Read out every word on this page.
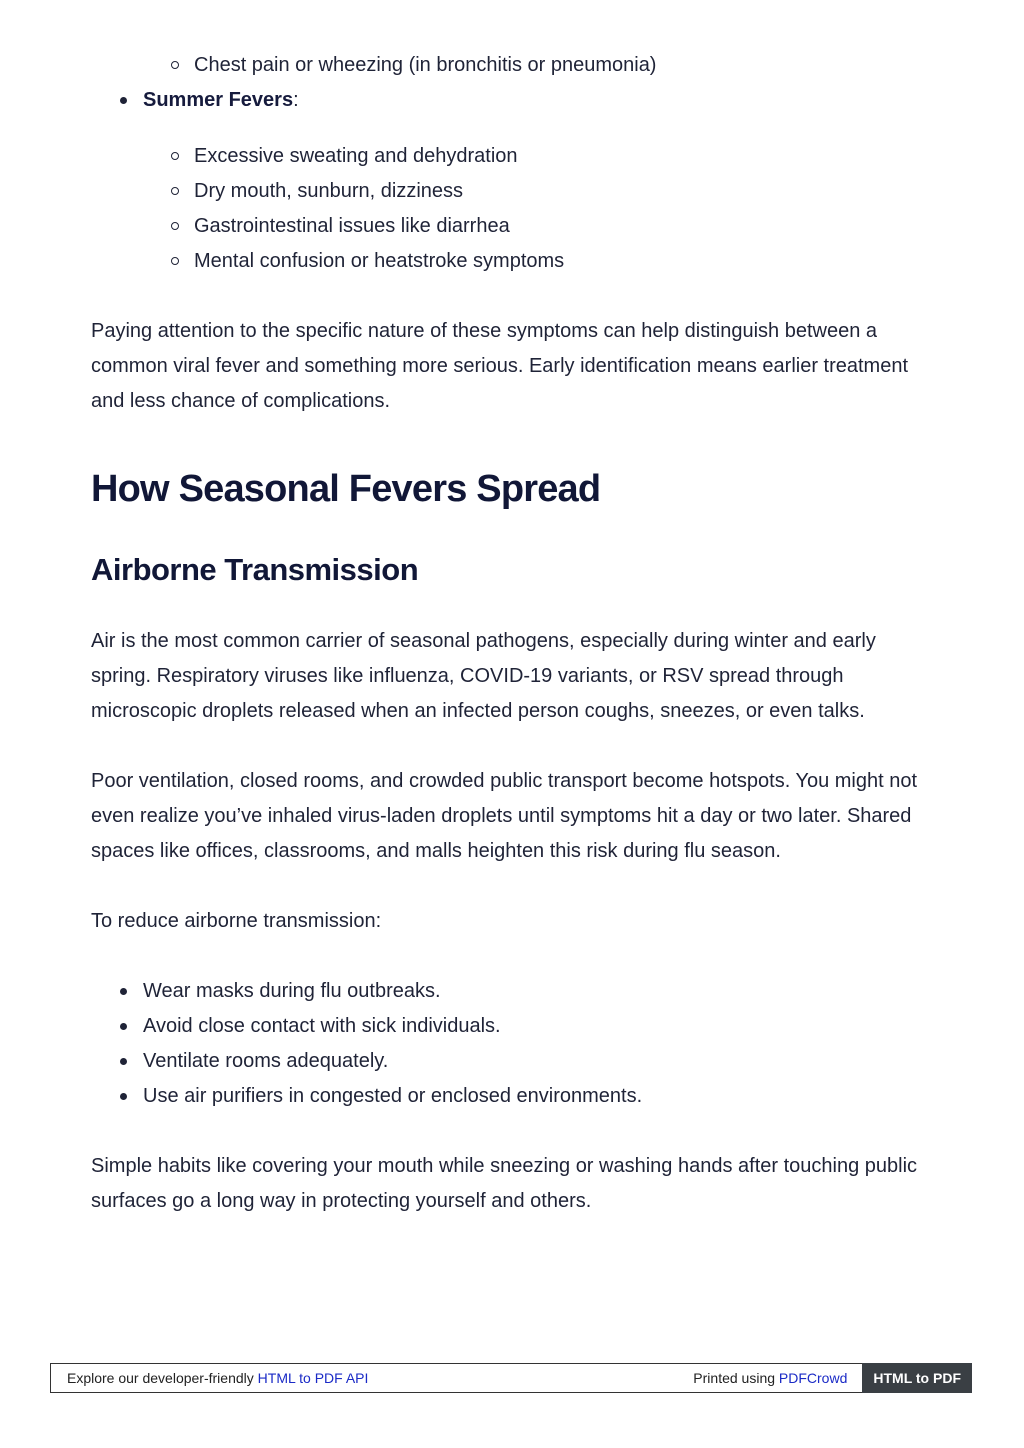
Chest pain or wheezing (in bronchitis or pneumonia)
Summer Fevers:
Excessive sweating and dehydration
Dry mouth, sunburn, dizziness
Gastrointestinal issues like diarrhea
Mental confusion or heatstroke symptoms

Paying attention to the specific nature of these symptoms can help distinguish between a common viral fever and something more serious. Early identification means earlier treatment and less chance of complications.

How Seasonal Fevers Spread
Airborne Transmission

Air is the most common carrier of seasonal pathogens, especially during winter and early spring. Respiratory viruses like influenza, COVID-19 variants, or RSV spread through microscopic droplets released when an infected person coughs, sneezes, or even talks.

Poor ventilation, closed rooms, and crowded public transport become hotspots. You might not even realize you’ve inhaled virus-laden droplets until symptoms hit a day or two later. Shared spaces like offices, classrooms, and malls heighten this risk during flu season.

To reduce airborne transmission:

Wear masks during flu outbreaks.
Avoid close contact with sick individuals.
Ventilate rooms adequately.
Use air purifiers in congested or enclosed environments.

Simple habits like covering your mouth while sneezing or washing hands after touching public surfaces go a long way in protecting yourself and others.

Explore our developer-friendly HTML to PDF API	Printed using PDFCrowd	HTML to PDF
